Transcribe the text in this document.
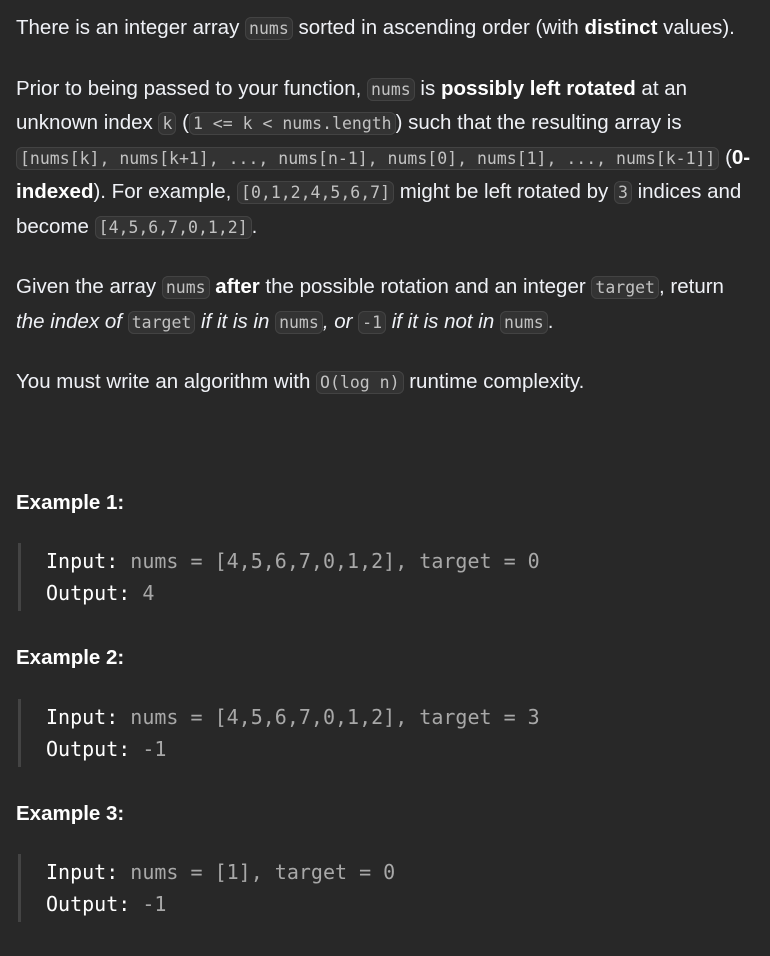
There is an integer array nums sorted in ascending order (with distinct values).

Prior to being passed to your function, nums is possibly left rotated at an unknown index k ( 1 <= k < nums.length ) such that the resulting array is [nums[k], nums[k+1], ..., nums[n-1], nums[0], nums[1], ..., nums[k-1]] (0-indexed). For example, [0,1,2,4,5,6,7] might be left rotated by 3 indices and become [4,5,6,7,0,1,2] .

Given the array nums after the possible rotation and an integer target , return the index of target if it is in nums , or -1 if it is not in nums .

You must write an algorithm with O(log n) runtime complexity.

Example 1:
Input: nums = [4,5,6,7,0,1,2], target = 0
Output: 4
Example 2:
Input: nums = [4,5,6,7,0,1,2], target = 3
Output: -1
Example 3:
Input: nums = [1], target = 0
Output: -1
